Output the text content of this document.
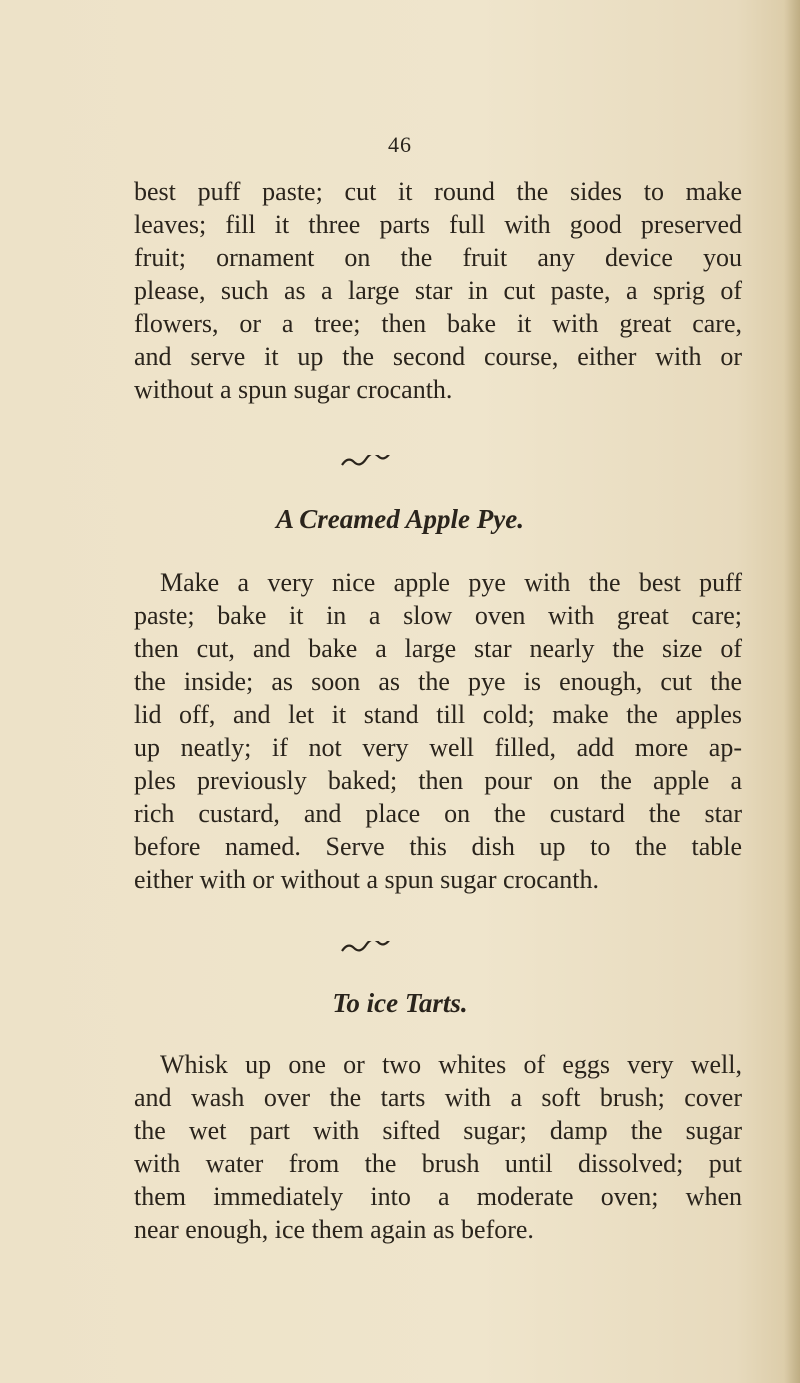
46
best puff paste; cut it round the sides to make
leaves; fill it three parts full with good preserved
fruit; ornament on the fruit any device you
please, such as a large star in cut paste, a sprig of
flowers, or a tree; then bake it with great care,
and serve it up the second course, either with or
without a spun sugar crocanth.
A Creamed Apple Pye.
Make a very nice apple pye with the best puff
paste; bake it in a slow oven with great care;
then cut, and bake a large star nearly the size of
the inside; as soon as the pye is enough, cut the
lid off, and let it stand till cold; make the apples
up neatly; if not very well filled, add more ap-
ples previously baked; then pour on the apple a
rich custard, and place on the custard the star
before named. Serve this dish up to the table
either with or without a spun sugar crocanth.
To ice Tarts.
Whisk up one or two whites of eggs very well,
and wash over the tarts with a soft brush; cover
the wet part with sifted sugar; damp the sugar
with water from the brush until dissolved; put
them immediately into a moderate oven; when
near enough, ice them again as before.
